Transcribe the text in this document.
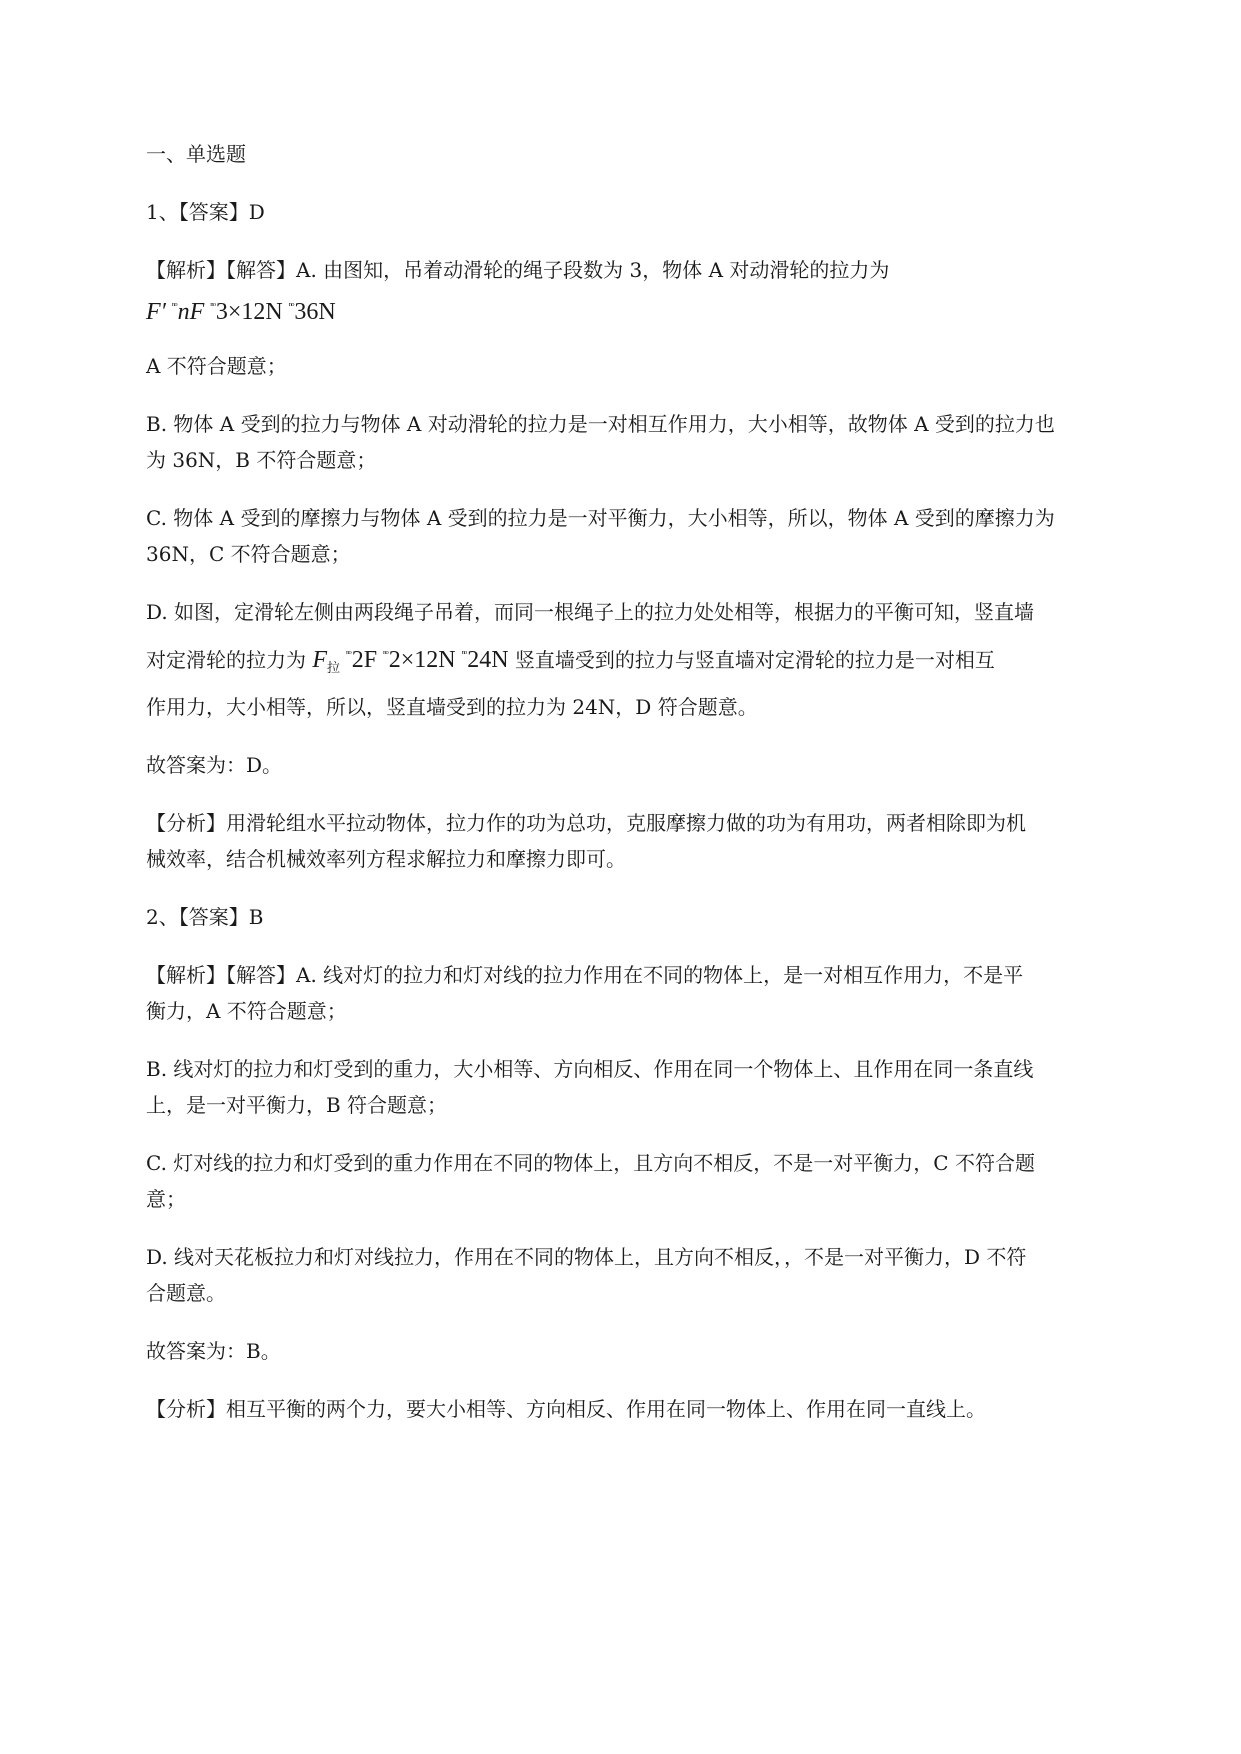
一、单选题
1、【答案】D
【解析】【解答】A. 由图知，吊着动滑轮的绳子段数为 3，物体 A 对动滑轮的拉力为
F′ $^{^nᵒ}$nF $^{^nᵒ}$3×12N $^{^nᵒ}$36N
A 不符合题意；
B. 物体 A 受到的拉力与物体 A 对动滑轮的拉力是一对相互作用力，大小相等，故物体 A 受到的拉力也
为 36N，B 不符合题意；
C. 物体 A 受到的摩擦力与物体 A 受到的拉力是一对平衡力，大小相等，所以，物体 A 受到的摩擦力为
36N，C 不符合题意；
D. 如图，定滑轮左侧由两段绳子吊着，而同一根绳子上的拉力处处相等，根据力的平衡可知，竖直墙
对定滑轮的拉力为 $F_拉^{^nᵒ}2F$ $^{^nᵒ}$2×12N $^{^nᵒ}$24N 竖直墙受到的拉力与竖直墙对定滑轮的拉力是一对相互
作用力，大小相等，所以，竖直墙受到的拉力为 24N，D 符合题意。
故答案为：D。
【分析】用滑轮组水平拉动物体，拉力作的功为总功，克服摩擦力做的功为有用功，两者相除即为机
械效率，结合机械效率列方程求解拉力和摩擦力即可。
2、【答案】B
【解析】【解答】A. 线对灯的拉力和灯对线的拉力作用在不同的物体上，是一对相互作用力，不是平
衡力，A 不符合题意；
B. 线对灯的拉力和灯受到的重力，大小相等、方向相反、作用在同一个物体上、且作用在同一条直线
上，是一对平衡力，B 符合题意；
C. 灯对线的拉力和灯受到的重力作用在不同的物体上，且方向不相反，不是一对平衡力，C 不符合题
意；
D. 线对天花板拉力和灯对线拉力，作用在不同的物体上，且方向不相反，，不是一对平衡力，D 不符
合题意。
故答案为：B。
【分析】相互平衡的两个力，要大小相等、方向相反、作用在同一物体上、作用在同一直线上。
